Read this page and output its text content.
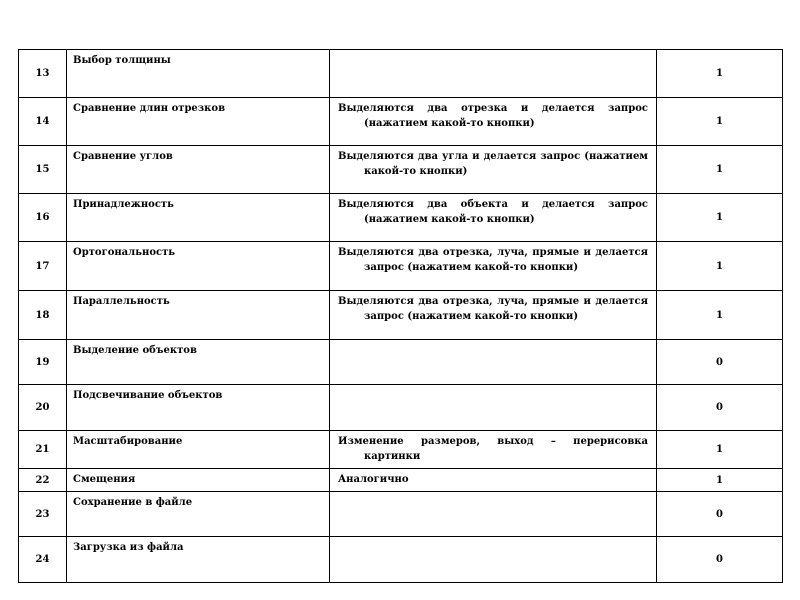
13	Выбор толщины		1
14	Сравнение длин отрезков	Выделяются два отрезка и делается запрос (нажатием какой-то кнопки)	1
15	Сравнение углов	Выделяются два угла и делается запрос (нажатием какой-то кнопки)	1
16	Принадлежность	Выделяются два объекта и делается запрос (нажатием какой-то кнопки)	1
17	Ортогональность	Выделяются два отрезка, луча, прямые и делается запрос (нажатием какой-то кнопки)	1
18	Параллельность	Выделяются два отрезка, луча, прямые и делается запрос (нажатием какой-то кнопки)	1
19	Выделение объектов		0
20	Подсвечивание объектов		0
21	Масштабирование	Изменение размеров, выход – перерисовка картинки	1
22	Смещения	Аналогично	1
23	Сохранение в файле		0
24	Загрузка из файла		0
